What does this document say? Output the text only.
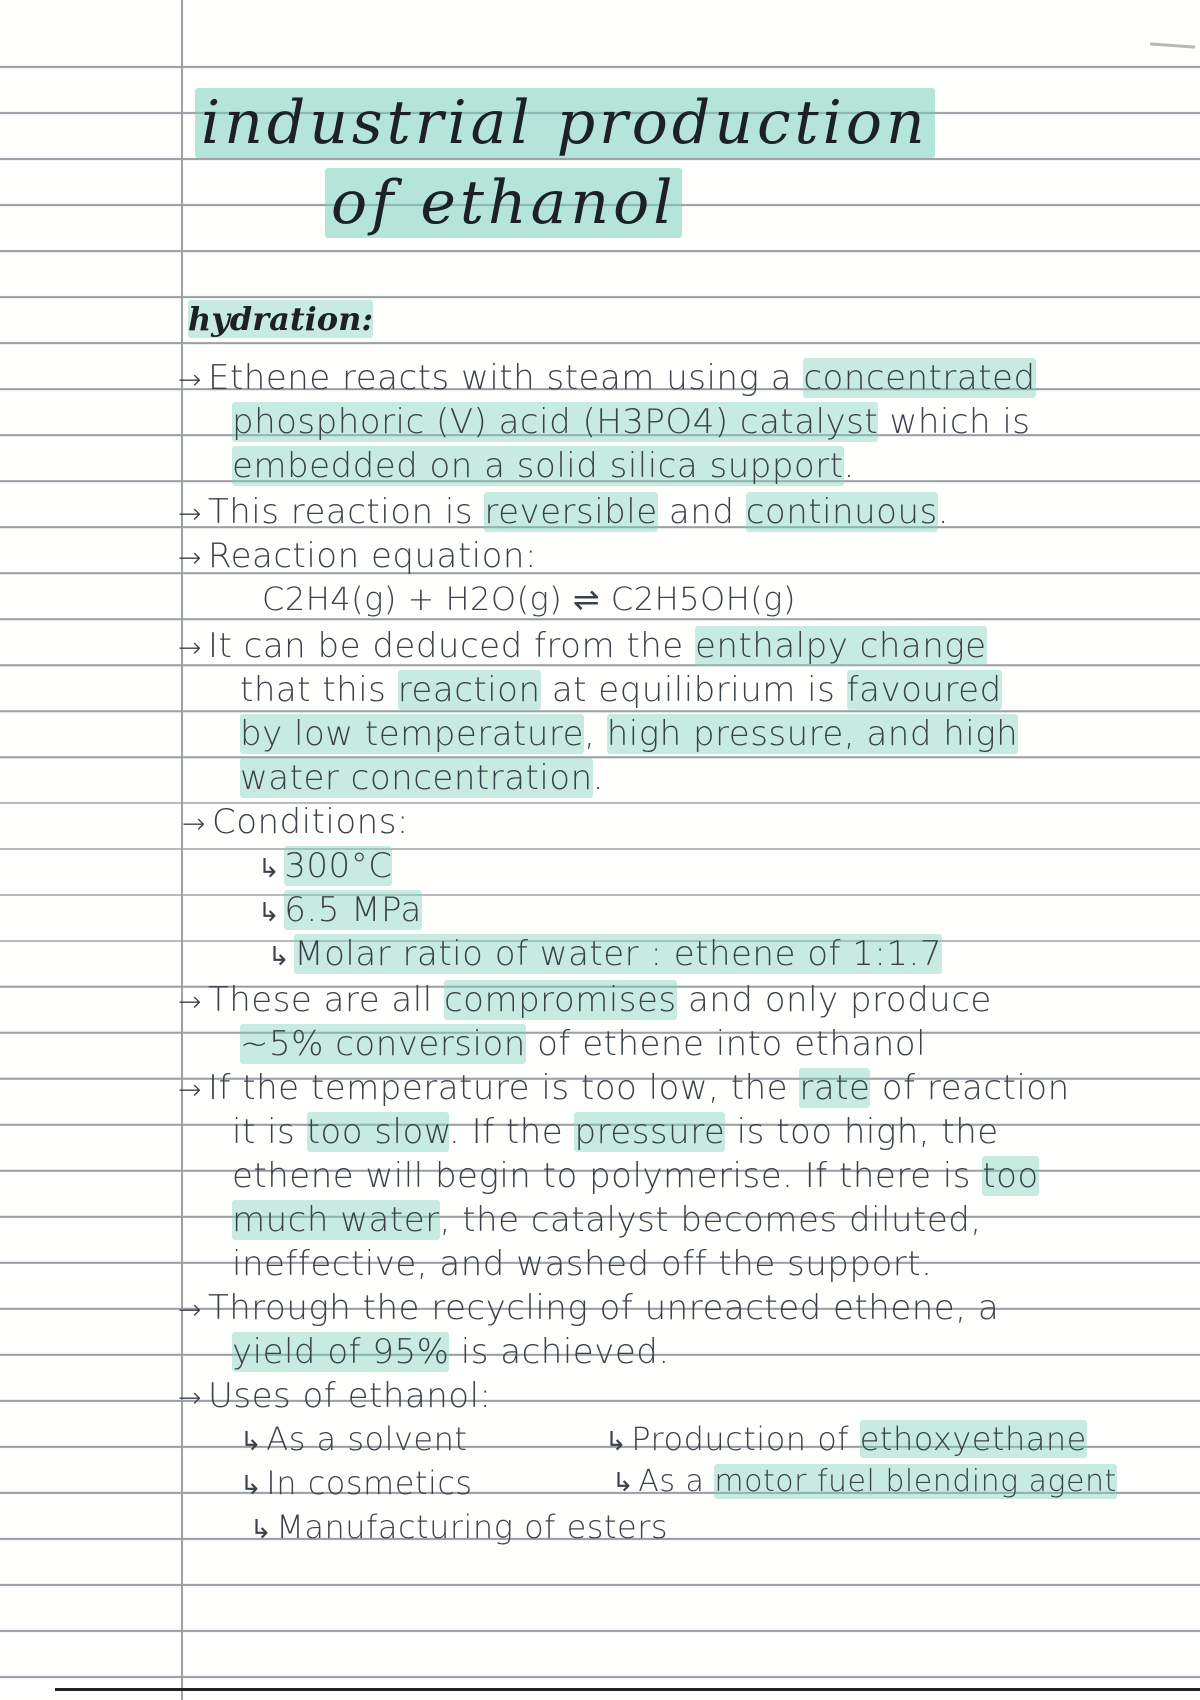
industrial production
of ethanol
hydration:
→ Ethene reacts with steam using a concentrated
phosphoric (V) acid (H3PO4) catalyst which is
embedded on a solid silica support.
→ This reaction is reversible and continuous.
→ Reaction equation:
C2H4(g) + H2O(g) ⇌ C2H5OH(g)
→ It can be deduced from the enthalpy change
that this reaction at equilibrium is favoured
by low temperature, high pressure, and high
water concentration.
→ Conditions:
↳ 300°C
↳ 6.5 MPa
↳ Molar ratio of water : ethene of 1:1.7
→ These are all compromises and only produce
~5% conversion of ethene into ethanol
→ If the temperature is too low, the rate of reaction
it is too slow. If the pressure is too high, the
ethene will begin to polymerise. If there is too
much water, the catalyst becomes diluted,
ineffective, and washed off the support.
→ Through the recycling of unreacted ethene, a
yield of 95% is achieved.
→ Uses of ethanol:
↳ As a solvent
↳ In cosmetics
↳ Manufacturing of esters
↳ Production of ethoxyethane
↳ As a motor fuel blending agent
